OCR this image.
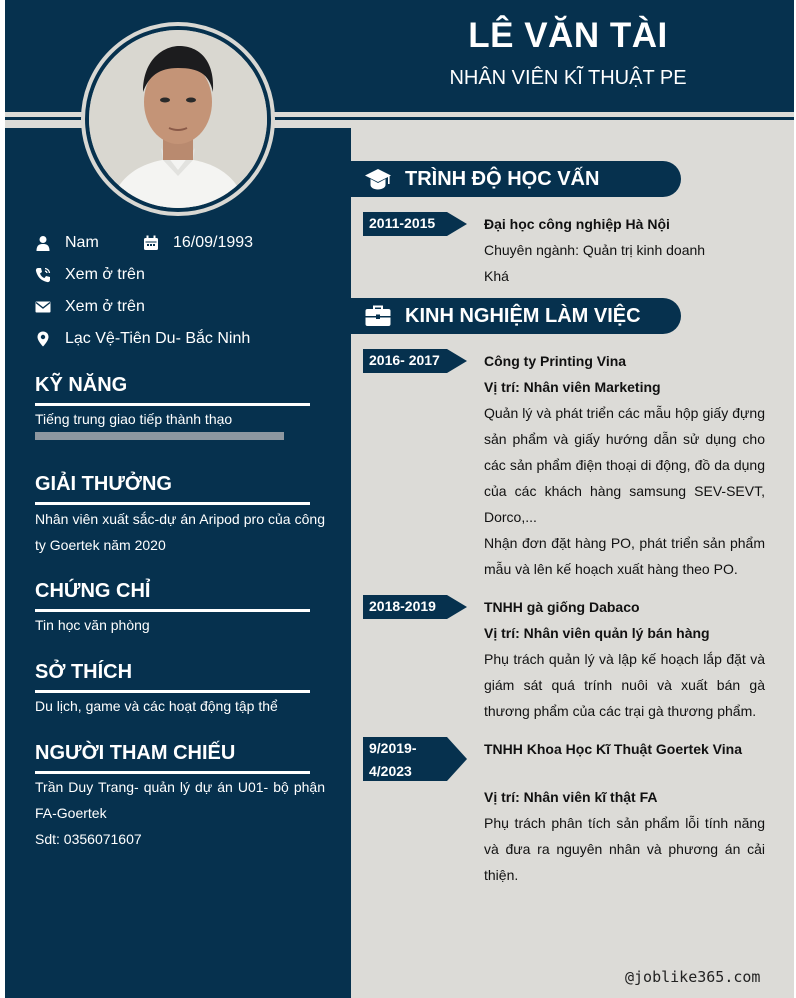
LÊ VĂN TÀI
NHÂN VIÊN KĨ THUẬT PE
Nam	16/09/1993
Xem ở trên
Xem ở trên
Lạc Vệ-Tiên Du- Bắc Ninh
KỸ NĂNG
Tiếng trung giao tiếp thành thạo
GIẢI THƯỞNG
Nhân viên xuất sắc-dự án Aripod pro của công ty Goertek năm 2020
CHỨNG CHỈ
Tin học văn phòng
SỞ THÍCH
Du lịch, game và các hoạt động tập thể
NGƯỜI THAM CHIẾU
Trần Duy Trang- quản lý dự án U01- bộ phận FA-Goertek
Sdt: 0356071607
TRÌNH ĐỘ HỌC VẤN
2011-2015	Đại học công nghiệp Hà Nội
Chuyên ngành: Quản trị kinh doanh
Khá
KINH NGHIỆM LÀM VIỆC
2016- 2017	Công ty Printing Vina
Vị trí: Nhân viên Marketing
Quản lý và phát triển các mẫu hộp giấy đựng sản phẩm và giấy hướng dẫn sử dụng cho các sản phẩm điện thoại di động, đồ da dụng của các khách hàng samsung SEV-SEVT, Dorco,...
Nhận đơn đặt hàng PO, phát triển sản phẩm mẫu và lên kế hoạch xuất hàng theo PO.
2018-2019	TNHH gà giống Dabaco
Vị trí: Nhân viên quản lý bán hàng
Phụ trách quản lý và lập kế hoạch lắp đặt và giám sát quá trính nuôi và xuất bán gà thương phẩm của các trại gà thương phẩm.
9/2019-
4/2023
TNHH Khoa Học Kĩ Thuật Goertek Vina
Vị trí: Nhân viên kĩ thật FA
Phụ trách phân tích sản phẩm lỗi tính năng và đưa ra nguyên nhân và phương án cải thiện.
@joblike365.com
